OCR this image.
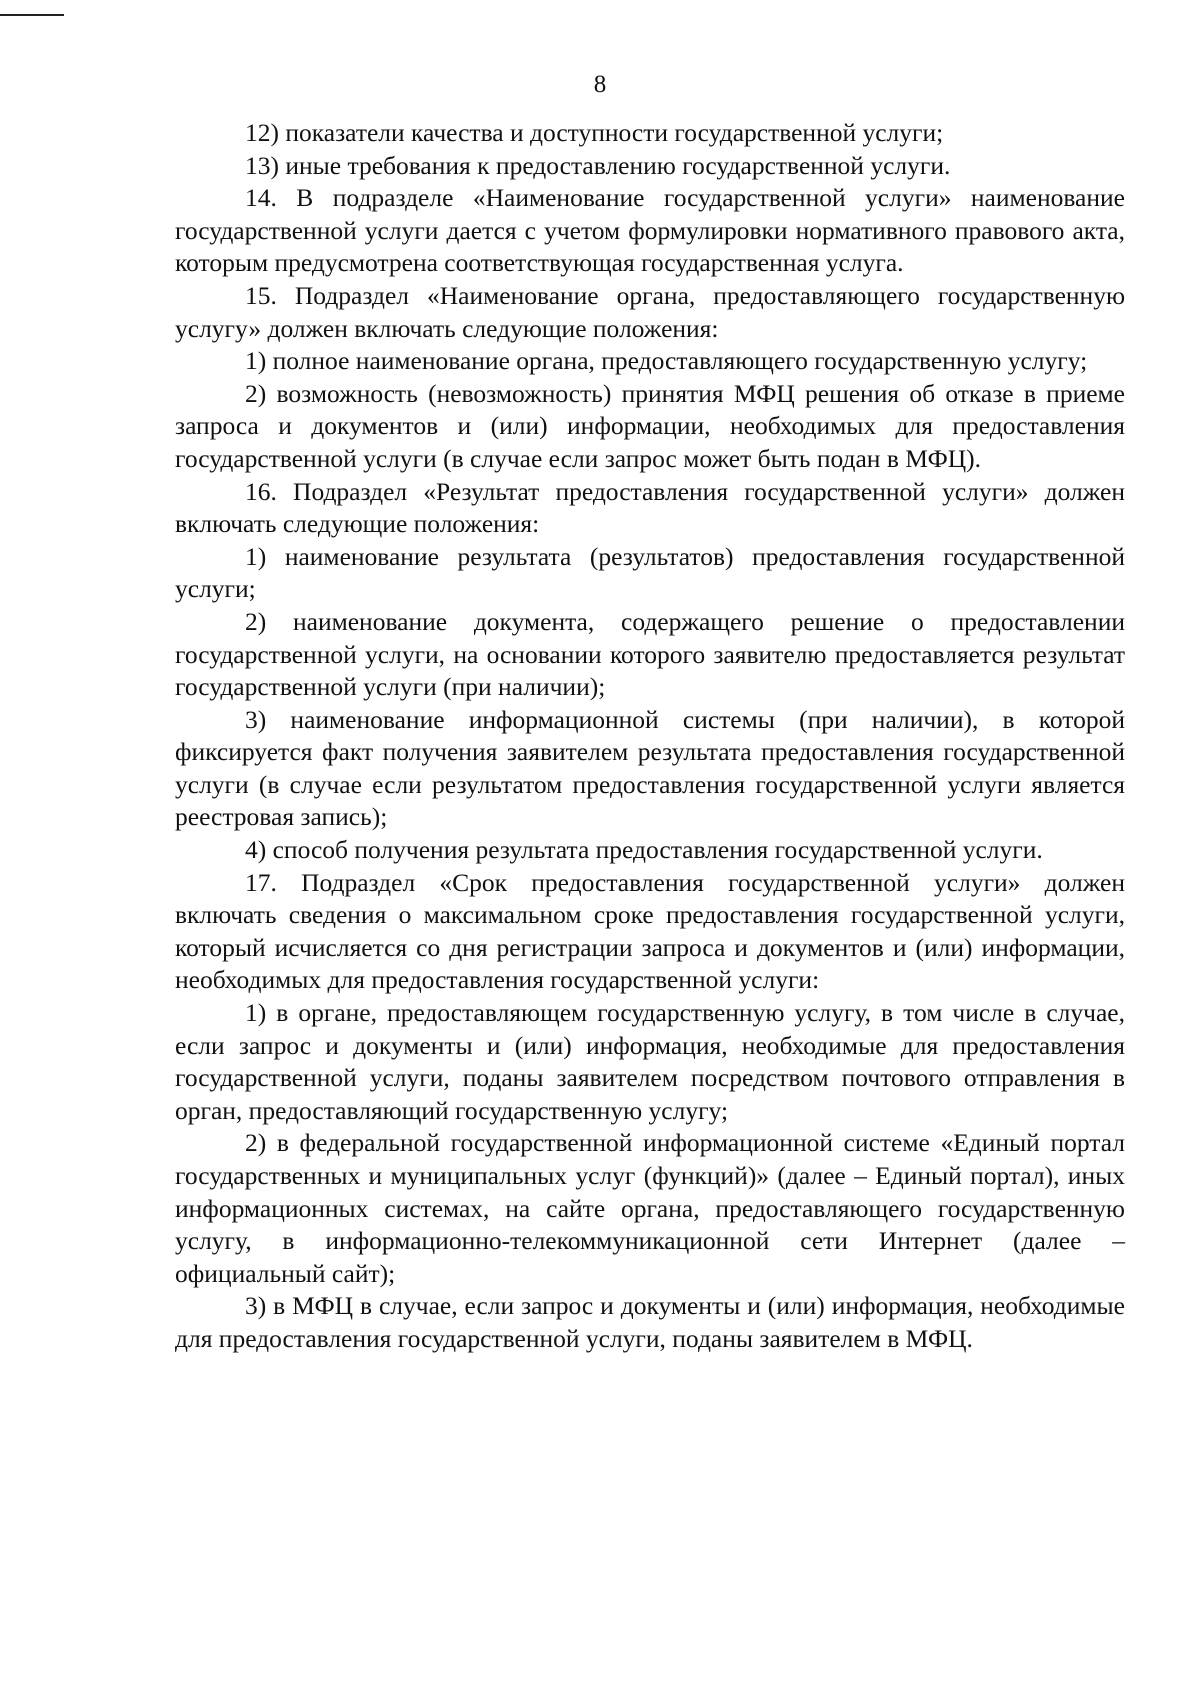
8

12) показатели качества и доступности государственной услуги;

13) иные требования к предоставлению государственной услуги.

14. В подразделе «Наименование государственной услуги» наименование государственной услуги дается с учетом формулировки нормативного правового акта, которым предусмотрена соответствующая государственная услуга.

15. Подраздел «Наименование органа, предоставляющего государственную услугу» должен включать следующие положения:

1) полное наименование органа, предоставляющего государственную услугу;

2) возможность (невозможность) принятия МФЦ решения об отказе в приеме запроса и документов и (или) информации, необходимых для предоставления государственной услуги (в случае если запрос может быть подан в МФЦ).

16. Подраздел «Результат предоставления государственной услуги» должен включать следующие положения:

1) наименование результата (результатов) предоставления государственной услуги;

2) наименование документа, содержащего решение о предоставлении государственной услуги, на основании которого заявителю предоставляется результат государственной услуги (при наличии);

3) наименование информационной системы (при наличии), в которой фиксируется факт получения заявителем результата предоставления государственной услуги (в случае если результатом предоставления государственной услуги является реестровая запись);

4) способ получения результата предоставления государственной услуги.

17. Подраздел «Срок предоставления государственной услуги» должен включать сведения о максимальном сроке предоставления государственной услуги, который исчисляется со дня регистрации запроса и документов и (или) информации, необходимых для предоставления государственной услуги:

1) в органе, предоставляющем государственную услугу, в том числе в случае, если запрос и документы и (или) информация, необходимые для предоставления государственной услуги, поданы заявителем посредством почтового отправления в орган, предоставляющий государственную услугу;

2) в федеральной государственной информационной системе «Единый портал государственных и муниципальных услуг (функций)» (далее – Единый портал), иных информационных системах, на сайте органа, предоставляющего государственную услугу, в информационно-телекоммуникационной сети Интернет (далее – официальный сайт);

3) в МФЦ в случае, если запрос и документы и (или) информация, необходимые для предоставления государственной услуги, поданы заявителем в МФЦ.
